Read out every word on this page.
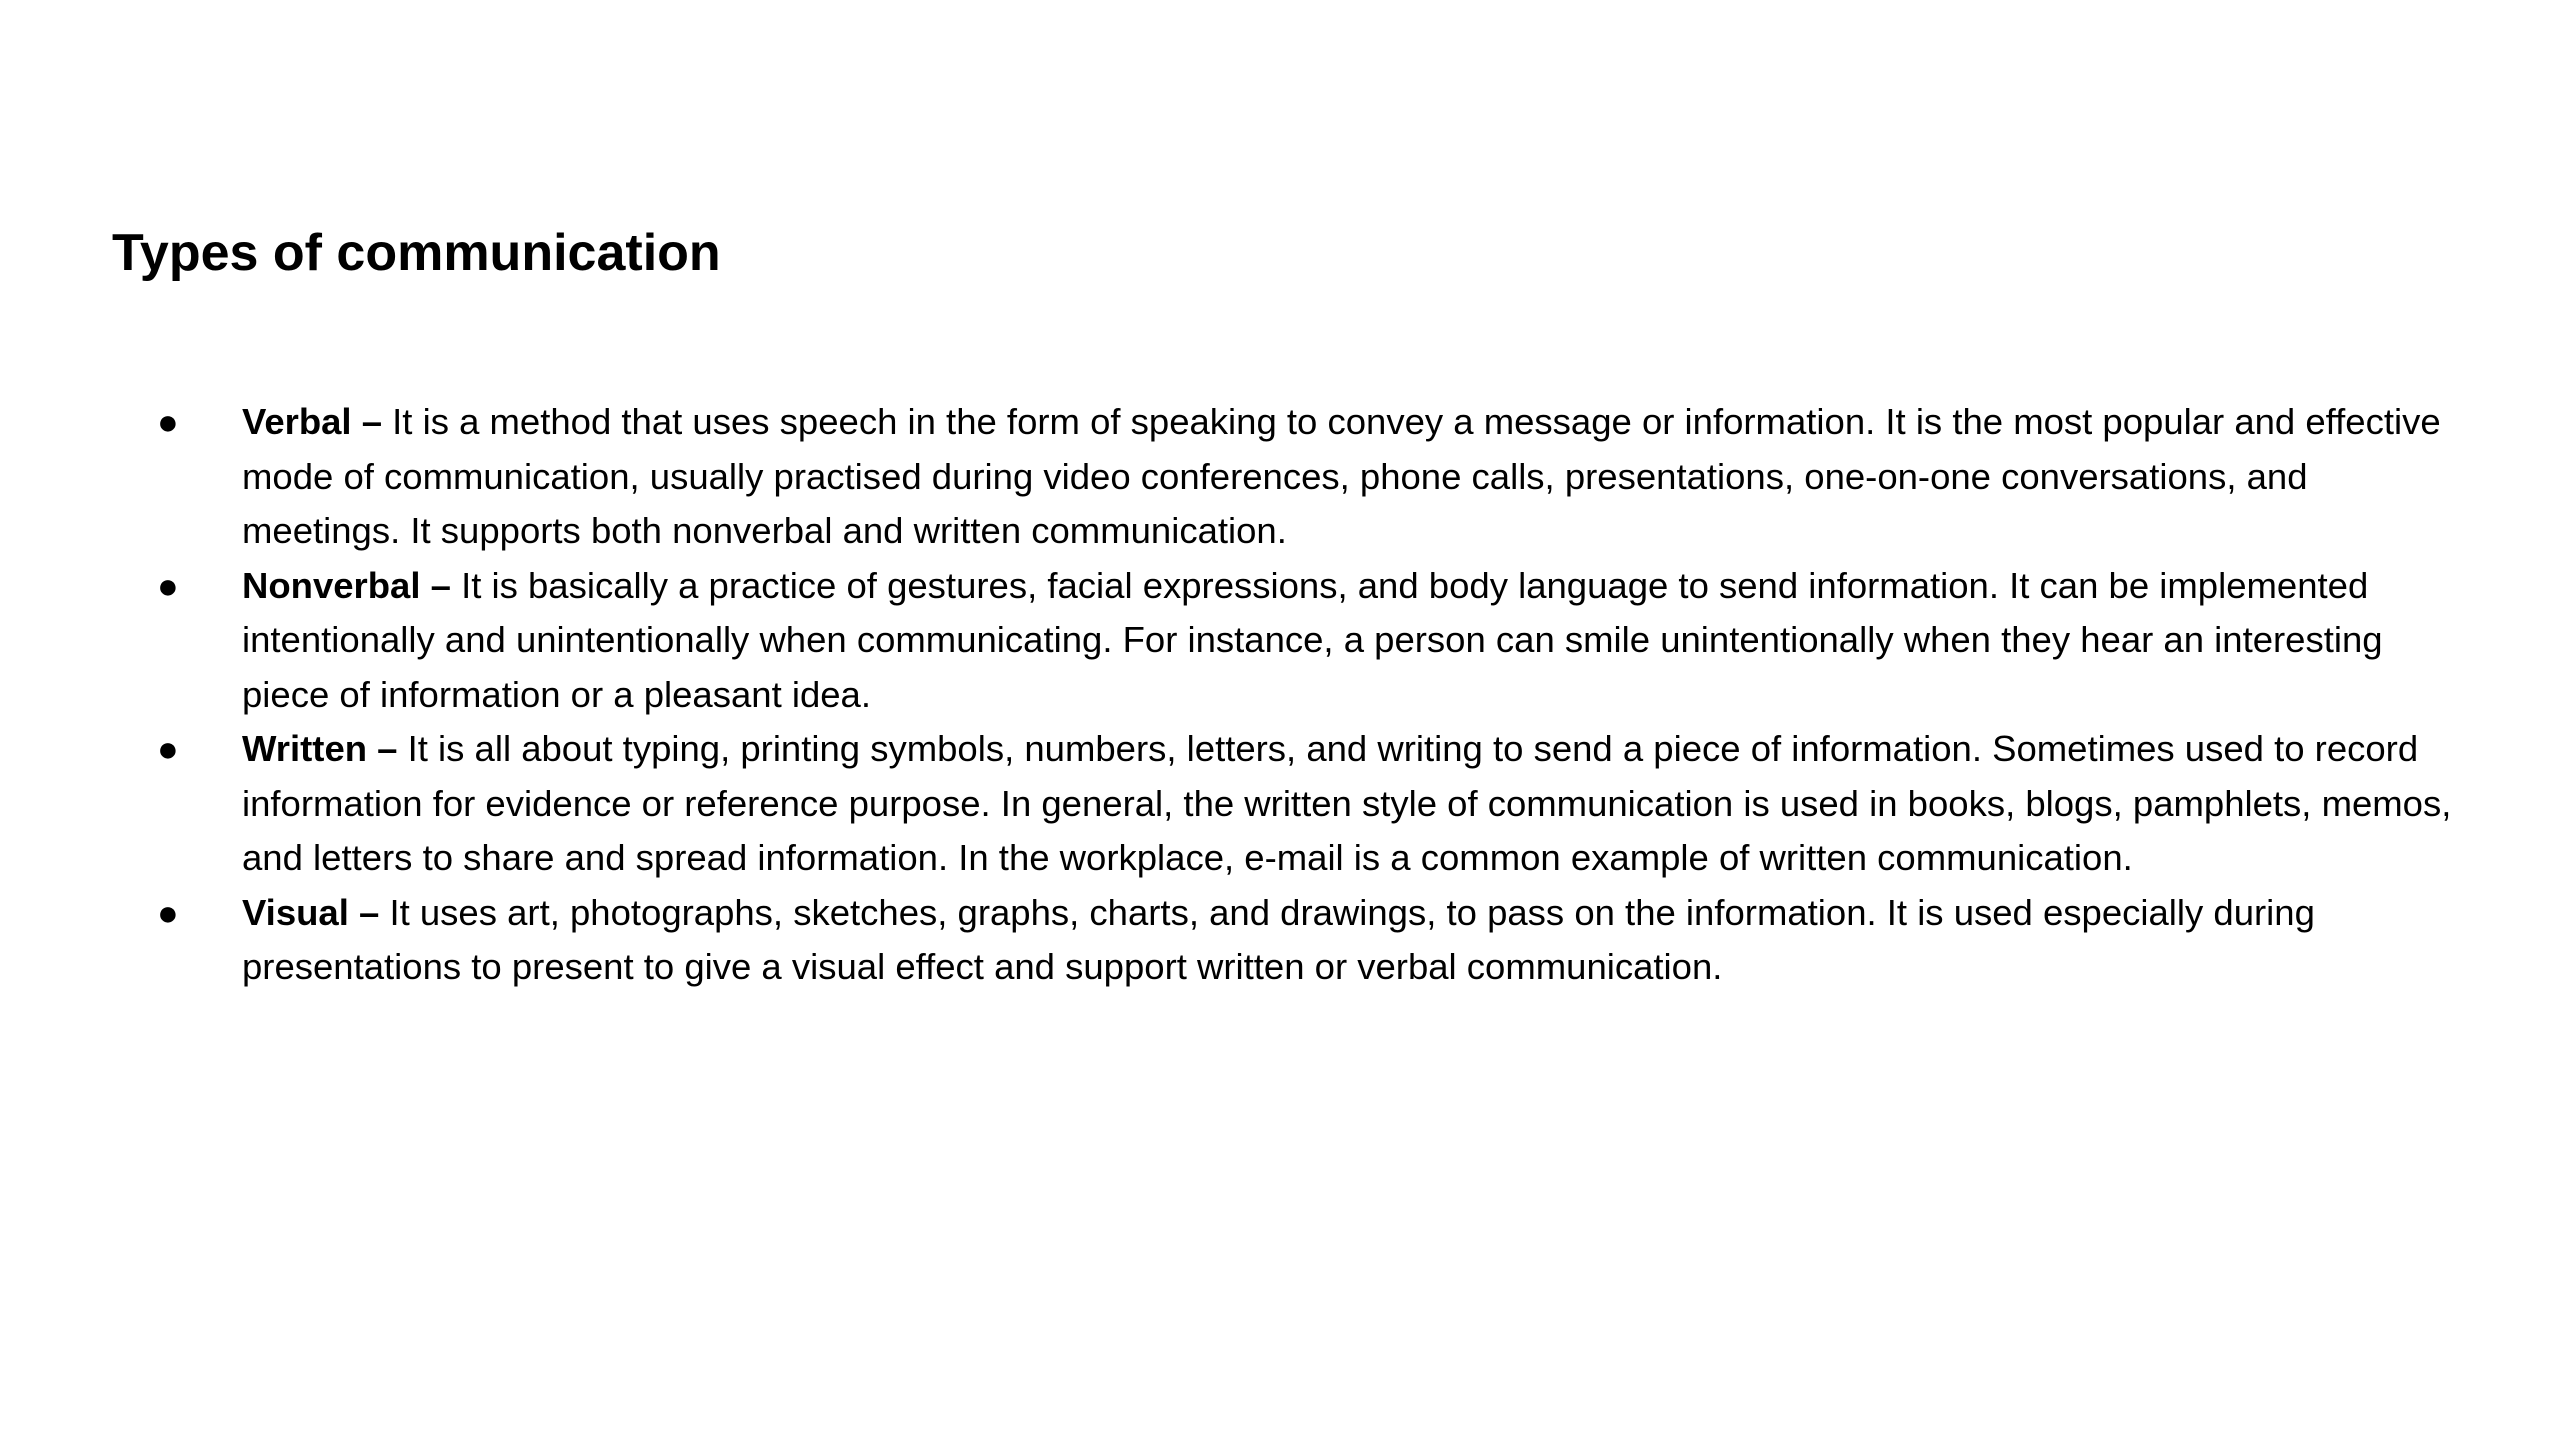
Types of communication
●	Verbal – It is a method that uses speech in the form of speaking to convey a message or information. It is the most popular and effective mode of communication, usually practised during video conferences, phone calls, presentations, one-on-one conversations, and meetings. It supports both nonverbal and written communication.
●	Nonverbal – It is basically a practice of gestures, facial expressions, and body language to send information. It can be implemented intentionally and unintentionally when communicating. For instance, a person can smile unintentionally when they hear an interesting piece of information or a pleasant idea.
●	Written – It is all about typing, printing symbols, numbers, letters, and writing to send a piece of information. Sometimes used to record information for evidence or reference purpose. In general, the written style of communication is used in books, blogs, pamphlets, memos, and letters to share and spread information. In the workplace, e-mail is a common example of written communication.
●	Visual – It uses art, photographs, sketches, graphs, charts, and drawings, to pass on the information. It is used especially during presentations to present to give a visual effect and support written or verbal communication.
